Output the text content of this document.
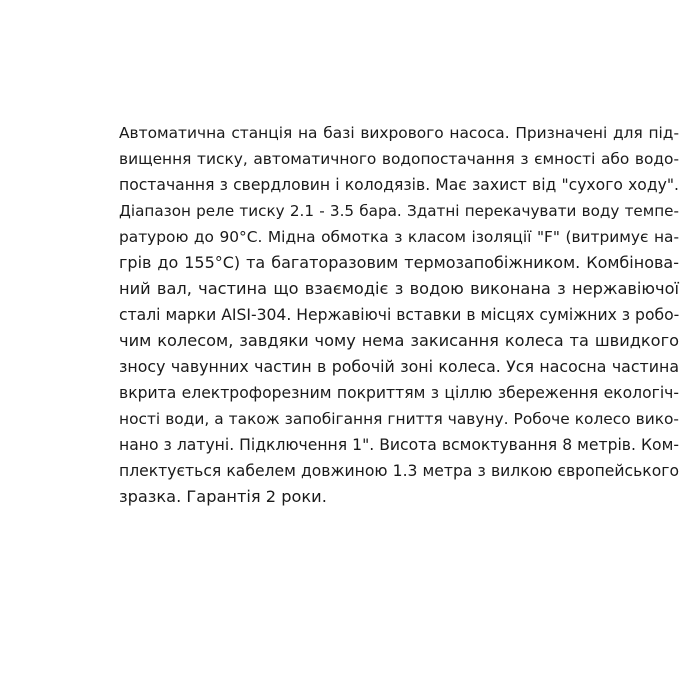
Автоматична станція на базі вихрового насоса. Призначені для під-
вищення тиску, автоматичного водопостачання з ємності або водо-
постачання з свердловин і колодязів. Має захист від "сухого ходу".
Діапазон реле тиску 2.1 - 3.5 бара. Здатні перекачувати воду темпе-
ратурою до 90°C. Мідна обмотка з класом ізоляції "F" (витримує на-
грів до 155°C) та багаторазовим термозапобіжником. Комбінова-
ний вал, частина що взаємодіє з водою виконана з нержавіючої
сталі марки AISI-304. Нержавіючі вставки в місцях суміжних з робо-
чим колесом, завдяки чому нема закисання колеса та швидкого
зносу чавунних частин в робочій зоні колеса. Уся насосна частина
вкрита електрофорезним покриттям з ціллю збереження екологіч-
ності води, а також запобігання гниття чавуну. Робоче колесо вико-
нано з латуні. Підключення 1". Висота всмоктування 8 метрів. Ком-
плектується кабелем довжиною 1.3 метра з вилкою європейського
зразка. Гарантія 2 роки.
